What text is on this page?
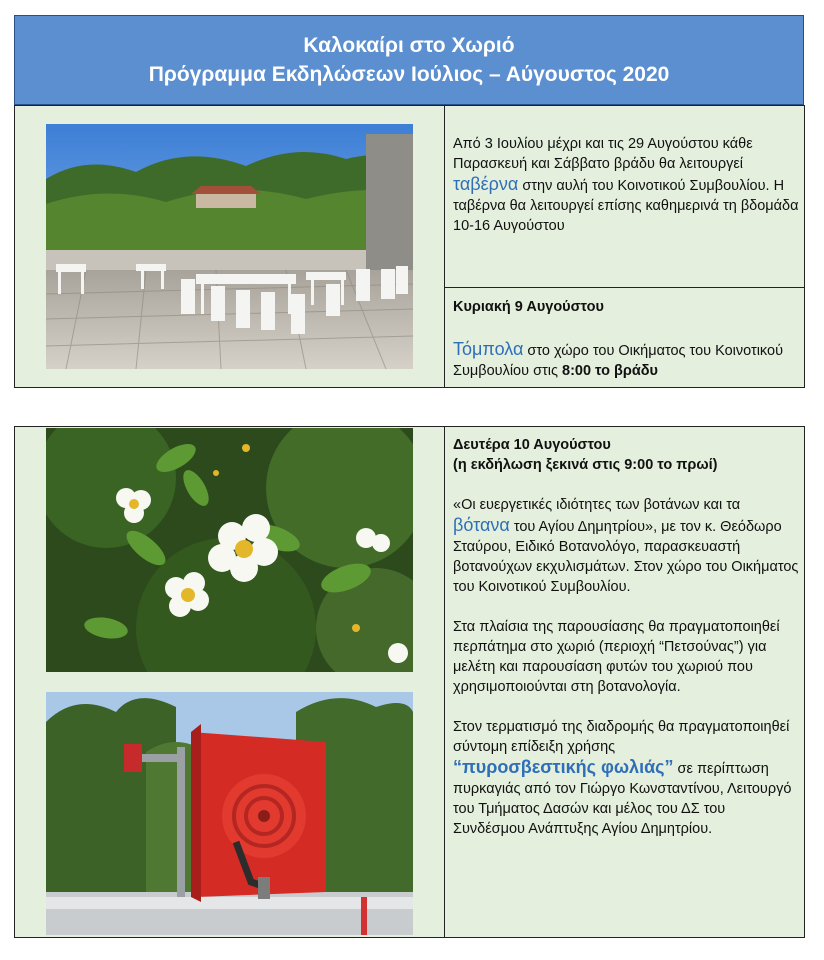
Καλοκαίρι στο Χωριό
Πρόγραμμα Εκδηλώσεων Ιούλιος – Αύγουστος 2020
Από 3 Ιουλίου μέχρι και τις 29 Αυγούστου κάθε Παρασκευή και Σάββατο βράδυ θα λειτουργεί ταβέρνα στην αυλή του Κοινοτικού Συμβουλίου. Η ταβέρνα θα λειτουργεί επίσης καθημερινά τη βδομάδα 10-16 Αυγούστου
Κυριακή 9 Αυγούστου
Τόμπολα στο χώρο του Οικήματος του Κοινοτικού Συμβουλίου στις 8:00 το βράδυ
Δευτέρα 10 Αυγούστου
(η εκδήλωση ξεκινά στις 9:00 το πρωί)

«Οι ευεργετικές ιδιότητες των βοτάνων και τα βότανα του Αγίου Δημητρίου», με τον κ. Θεόδωρο Σταύρου, Ειδικό Βοτανολόγο, παρασκευαστή βοτανούχων εκχυλισμάτων. Στον χώρο του Οικήματος του Κοινοτικού Συμβουλίου.

Στα πλαίσια της παρουσίασης θα πραγματοποιηθεί περπάτημα στο χωριό (περιοχή “Πετσούνας”) για μελέτη και παρουσίαση φυτών του χωριού που χρησιμοποιούνται στη βοτανολογία.

Στον τερματισμό της διαδρομής θα πραγματοποιηθεί σύντομη επίδειξη χρήσης
“πυροσβεστικής φωλιάς” σε περίπτωση πυρκαγιάς από τον Γιώργο Κωνσταντίνου, Λειτουργό του Τμήματος Δασών και μέλος του ΔΣ του Συνδέσμου Ανάπτυξης Αγίου Δημητρίου.
